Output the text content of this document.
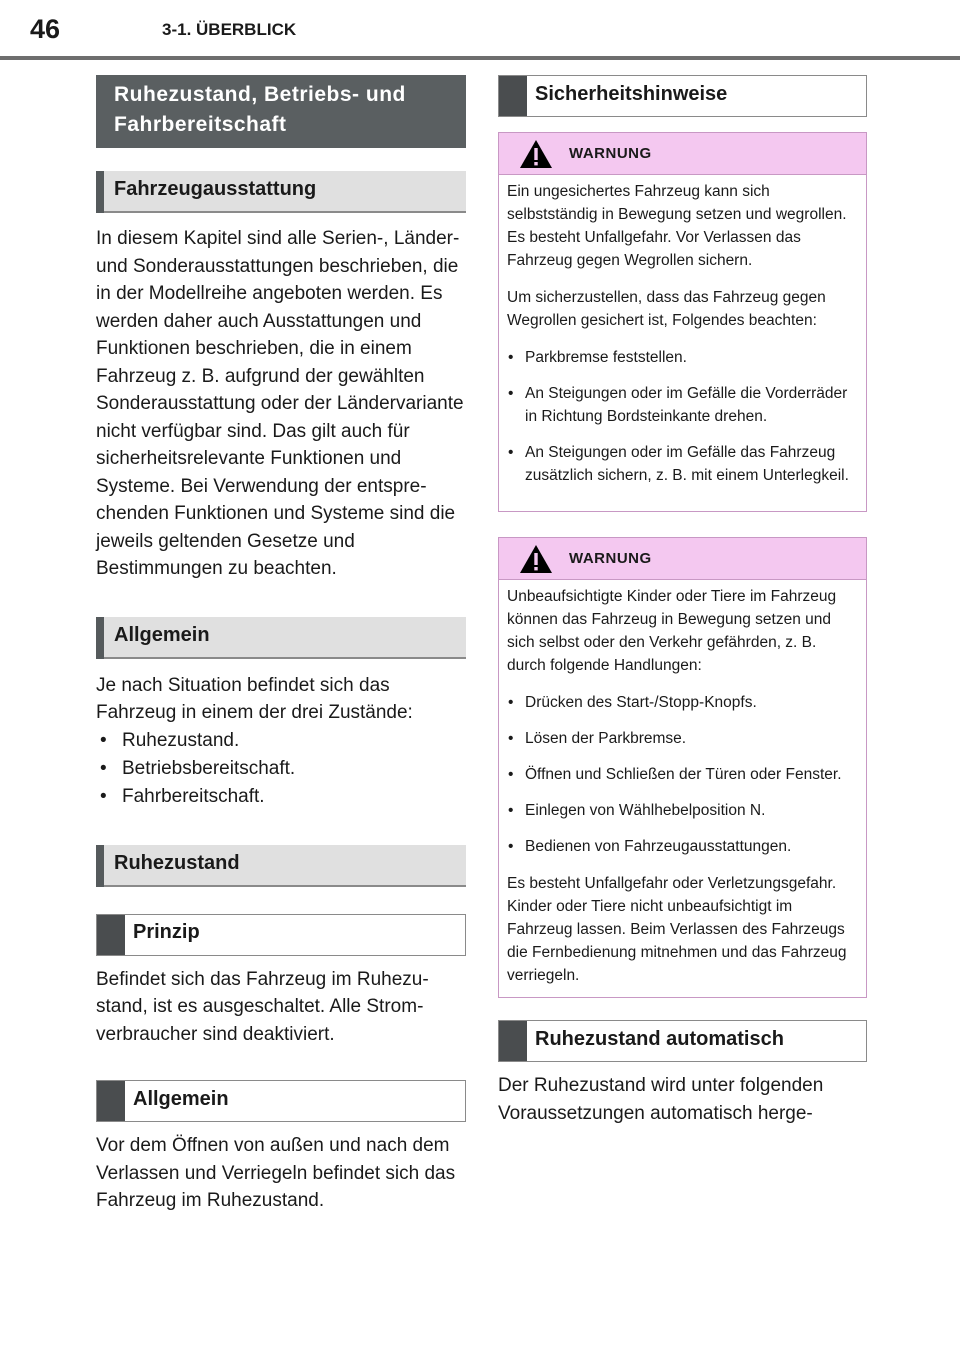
46	3-1. ÜBERBLICK
Ruhezustand, Betriebs- und Fahrbereitschaft
Fahrzeugausstattung

In diesem Kapitel sind alle Serien-, Länder- und Sonderausstattungen beschrieben, die in der Modellreihe angeboten werden. Es werden daher auch Ausstattungen und Funktionen beschrieben, die in einem Fahrzeug z. B. aufgrund der gewählten Sonderausstattung oder der Ländervariante nicht verfügbar sind. Das gilt auch für sicherheitsrelevante Funktionen und Systeme. Bei Verwendung der entsprechenden Funktionen und Systeme sind die jeweils geltenden Gesetze und Bestimmungen zu beachten.

Allgemein

Je nach Situation befindet sich das Fahrzeug in einem der drei Zustände:

• Ruhezustand.
• Betriebsbereitschaft.
• Fahrbereitschaft.
Ruhezustand
Prinzip

Befindet sich das Fahrzeug im Ruhezustand, ist es ausgeschaltet. Alle Stromverbraucher sind deaktiviert.

Allgemein

Vor dem Öffnen von außen und nach dem Verlassen und Verriegeln befindet sich das Fahrzeug im Ruhezustand.

Sicherheitshinweise
WARNUNG

Ein ungesichertes Fahrzeug kann sich selbstständig in Bewegung setzen und wegrollen. Es besteht Unfallgefahr. Vor Verlassen das Fahrzeug gegen Wegrollen sichern.

Um sicherzustellen, dass das Fahrzeug gegen Wegrollen gesichert ist, Folgendes beachten:

• Parkbremse feststellen.
• An Steigungen oder im Gefälle die Vorderräder in Richtung Bordsteinkante drehen.
• An Steigungen oder im Gefälle das Fahrzeug zusätzlich sichern, z. B. mit einem Unterlegkeil.
WARNUNG

Unbeaufsichtigte Kinder oder Tiere im Fahrzeug können das Fahrzeug in Bewegung setzen und sich selbst oder den Verkehr gefährden, z. B. durch folgende Handlungen:

• Drücken des Start-/Stopp-Knopfs.
• Lösen der Parkbremse.
• Öffnen und Schließen der Türen oder Fenster.
• Einlegen von Wählhebelposition N.
• Bedienen von Fahrzeugausstattungen.

Es besteht Unfallgefahr oder Verletzungsgefahr. Kinder oder Tiere nicht unbeaufsichtigt im Fahrzeug lassen. Beim Verlassen des Fahrzeugs die Fernbedienung mitnehmen und das Fahrzeug verriegeln.

Ruhezustand automatisch

Der Ruhezustand wird unter folgenden Voraussetzungen automatisch herge-
